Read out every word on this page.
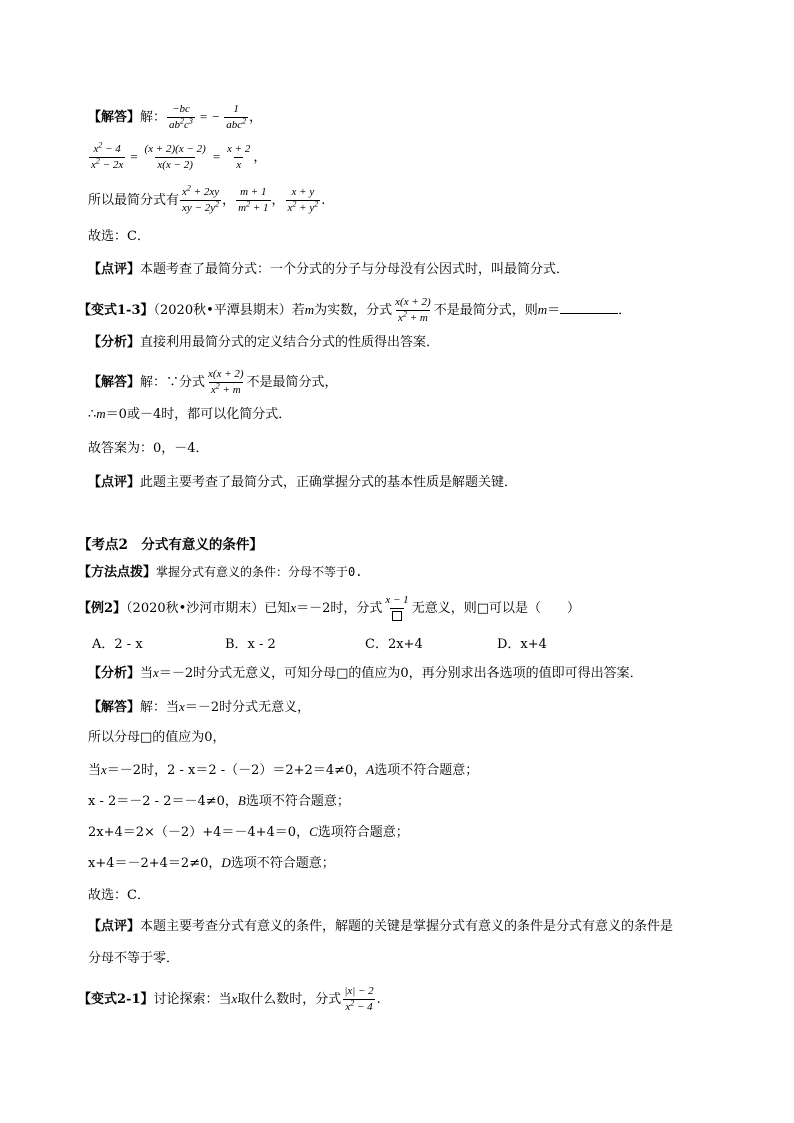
【解答】解： $\frac{-bc}{ab^2c^3}$ = − $\frac{1}{abc^2}$ ，
$\frac{x^2 - 4}{x^2 - 2x} = \frac{(x + 2)(x - 2)}{x(x - 2)} = \frac{x + 2}{x}$ ，
所以最简分式有 $\frac{x^2 + 2xy}{xy - 2y^2}$ ， $\frac{m + 1}{m^2 + 1}$ ， $\frac{x + y}{x^2 + y^2}$ .
故选：C．
【点评】本题考查了最简分式：一个分式的分子与分母没有公因式时，叫最简分式．
【变式1-3】（2020秋•平潭县期末）若m为实数，分式 $\frac{x(x + 2)}{x^2 + m}$ 不是最简分式，则m＝	．
【分析】直接利用最简分式的定义结合分式的性质得出答案．
【解答】解：∵分式 $\frac{x(x + 2)}{x^2 + m}$ 不是最简分式，
∴m＝0或－4时，都可以化简分式．
故答案为：0，－4．
【点评】此题主要考查了最简分式，正确掌握分式的基本性质是解题关键．
【考点2　分式有意义的条件】
【方法点拨】掌握分式有意义的条件：分母不等于0.
【例2】（2020秋•沙河市期末）已知x＝－2时，分式
x − 1
无意义，则□可以是（　　）
A．2 - x	B．x - 2	C．2x+4	D．x+4
【分析】当x＝－2时分式无意义，可知分母□的值应为0，再分别求出各选项的值即可得出答案．
【解答】解：当x＝－2时分式无意义，
所以分母□的值应为0，
当x＝－2时，2 - x＝2 -（－2）＝2+2＝4≠0，A选项不符合题意；
x - 2＝－2 - 2＝－4≠0，B选项不符合题意；
2x+4＝2×（－2）+4＝－4+4＝0，C选项符合题意；
x+4＝－2+4＝2≠0，D选项不符合题意；
故选：C．
【点评】本题主要考查分式有意义的条件，解题的关键是掌握分式有意义的条件是分式有意义的条件是
分母不等于零．
【变式2-1】讨论探索：当x取什么数时，分式 $\frac{|x| - 2}{x^2 - 4}$ .
